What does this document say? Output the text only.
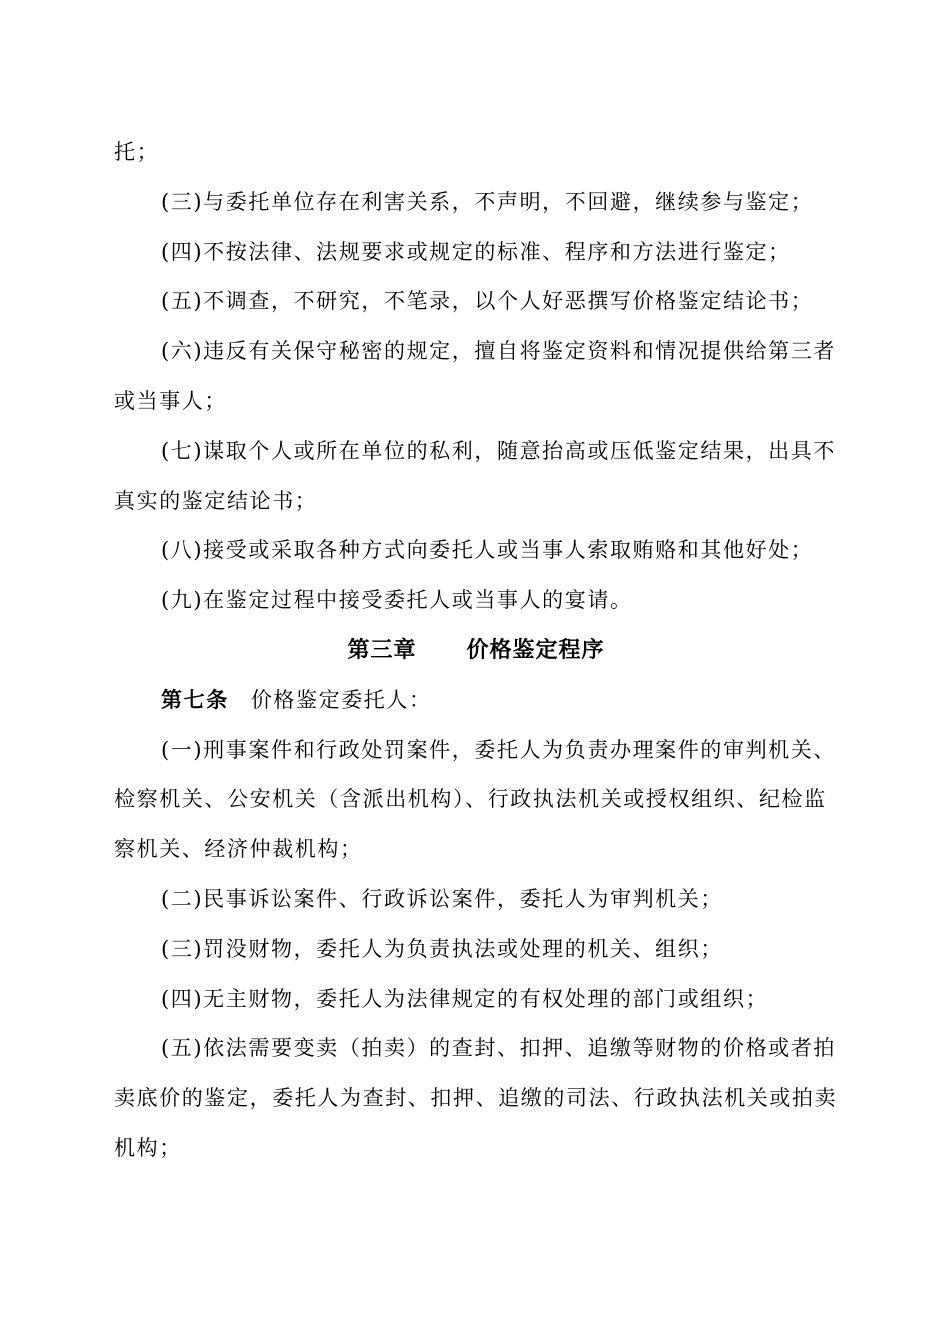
托；
(三)与委托单位存在利害关系，不声明，不回避，继续参与鉴定；
(四)不按法律、法规要求或规定的标准、程序和方法进行鉴定；
(五)不调查，不研究，不笔录，以个人好恶撰写价格鉴定结论书；
(六)违反有关保守秘密的规定，擅自将鉴定资料和情况提供给第三者
或当事人；
(七)谋取个人或所在单位的私利，随意抬高或压低鉴定结果，出具不
真实的鉴定结论书；
(八)接受或采取各种方式向委托人或当事人索取贿赂和其他好处；
(九)在鉴定过程中接受委托人或当事人的宴请。
第三章 价格鉴定程序
第七条 价格鉴定委托人：
(一)刑事案件和行政处罚案件，委托人为负责办理案件的审判机关、
检察机关、公安机关（含派出机构）、行政执法机关或授权组织、纪检监
察机关、经济仲裁机构；
(二)民事诉讼案件、行政诉讼案件，委托人为审判机关；
(三)罚没财物，委托人为负责执法或处理的机关、组织；
(四)无主财物，委托人为法律规定的有权处理的部门或组织；
(五)依法需要变卖（拍卖）的查封、扣押、追缴等财物的价格或者拍
卖底价的鉴定，委托人为查封、扣押、追缴的司法、行政执法机关或拍卖
机构；
